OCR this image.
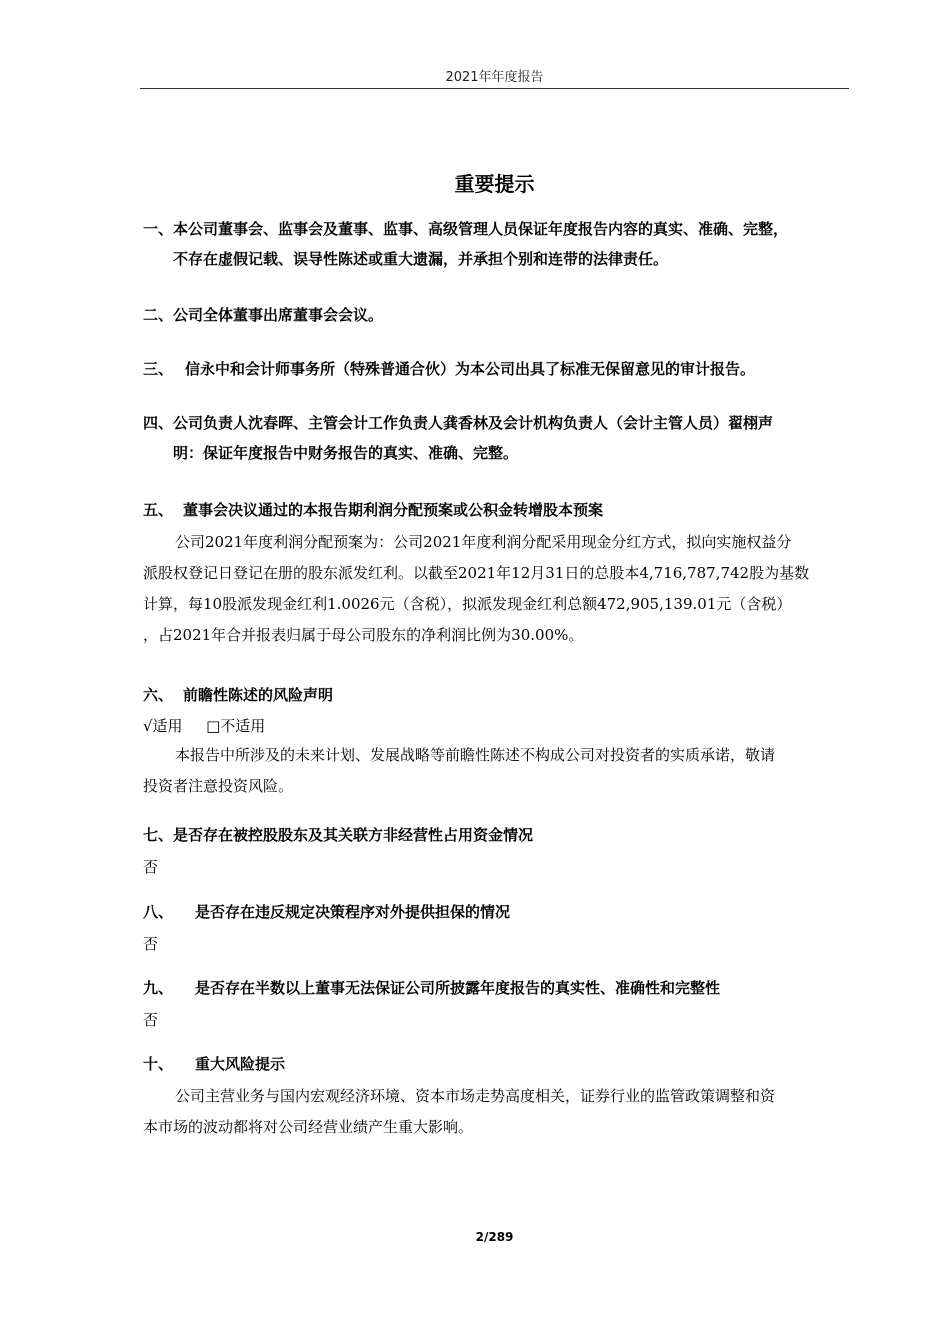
2021年年度报告
重要提示
一、本公司董事会、监事会及董事、监事、高级管理人员保证年度报告内容的真实、准确、完整，
不存在虚假记载、误导性陈述或重大遗漏，并承担个别和连带的法律责任。
二、公司全体董事出席董事会会议。
三、 信永中和会计师事务所（特殊普通合伙）为本公司出具了标准无保留意见的审计报告。
四、公司负责人沈春晖、主管会计工作负责人龚香林及会计机构负责人（会计主管人员）翟栩声
明：保证年度报告中财务报告的真实、准确、完整。
五、 董事会决议通过的本报告期利润分配预案或公积金转增股本预案
公司2021年度利润分配预案为：公司2021年度利润分配采用现金分红方式，拟向实施权益分
派股权登记日登记在册的股东派发红利。以截至2021年12月31日的总股本4,716,787,742股为基数
计算，每10股派发现金红利1.0026元（含税），拟派发现金红利总额472,905,139.01元（含税）
，占2021年合并报表归属于母公司股东的净利润比例为30.00%。
六、 前瞻性陈述的风险声明
√适用 □不适用
本报告中所涉及的未来计划、发展战略等前瞻性陈述不构成公司对投资者的实质承诺，敬请
投资者注意投资风险。
七、是否存在被控股股东及其关联方非经营性占用资金情况
否
八、 是否存在违反规定决策程序对外提供担保的情况
否
九、 是否存在半数以上董事无法保证公司所披露年度报告的真实性、准确性和完整性
否
十、 重大风险提示
公司主营业务与国内宏观经济环境、资本市场走势高度相关，证券行业的监管政策调整和资
本市场的波动都将对公司经营业绩产生重大影响。
2/289
